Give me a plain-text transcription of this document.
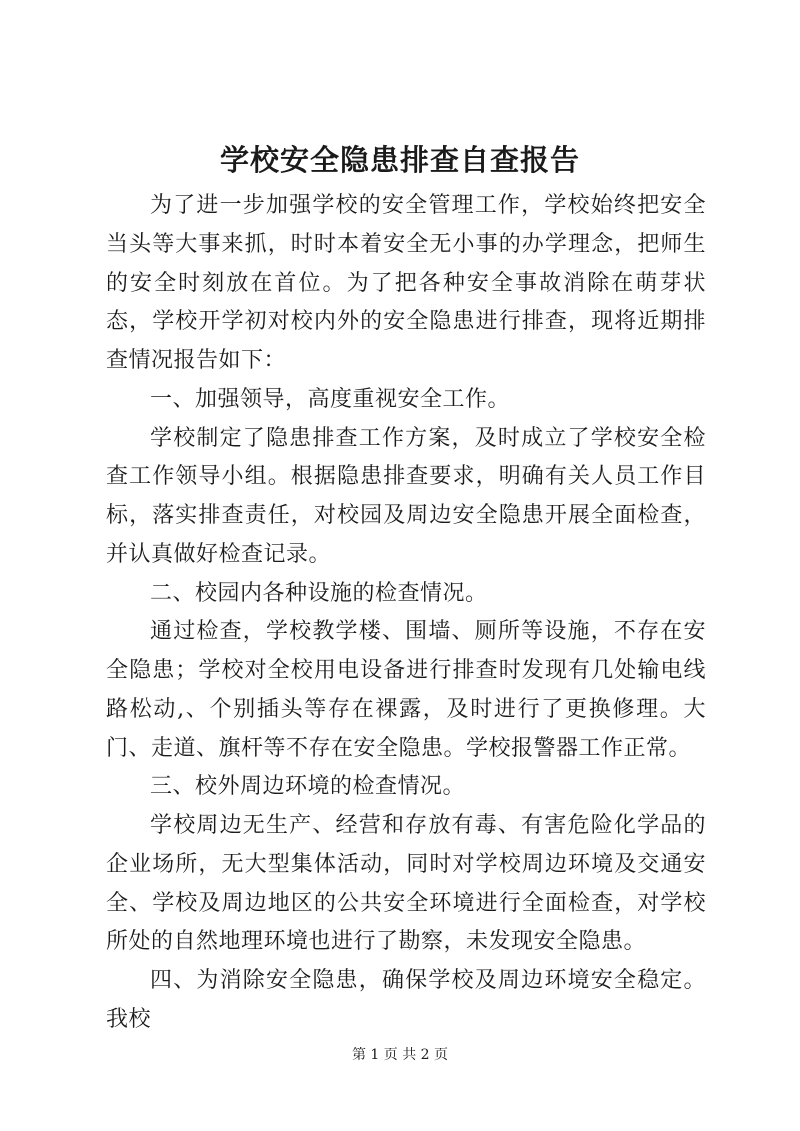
学校安全隐患排查自查报告

为了进一步加强学校的安全管理工作，学校始终把安全当头等大事来抓，时时本着安全无小事的办学理念，把师生的安全时刻放在首位。为了把各种安全事故消除在萌芽状态，学校开学初对校内外的安全隐患进行排查，现将近期排查情况报告如下：

一、加强领导，高度重视安全工作。

学校制定了隐患排查工作方案，及时成立了学校安全检查工作领导小组。根据隐患排查要求，明确有关人员工作目标，落实排查责任，对校园及周边安全隐患开展全面检查，并认真做好检查记录。

二、校园内各种设施的检查情况。

通过检查，学校教学楼、围墙、厕所等设施，不存在安全隐患；学校对全校用电设备进行排查时发现有几处输电线路松动,、个别插头等存在裸露，及时进行了更换修理。大门、走道、旗杆等不存在安全隐患。学校报警器工作正常。

三、校外周边环境的检查情况。

学校周边无生产、经营和存放有毒、有害危险化学品的企业场所，无大型集体活动，同时对学校周边环境及交通安全、学校及周边地区的公共安全环境进行全面检查，对学校所处的自然地理环境也进行了勘察，未发现安全隐患。

四、为消除安全隐患，确保学校及周边环境安全稳定。我校

第 1 页 共 2 页
